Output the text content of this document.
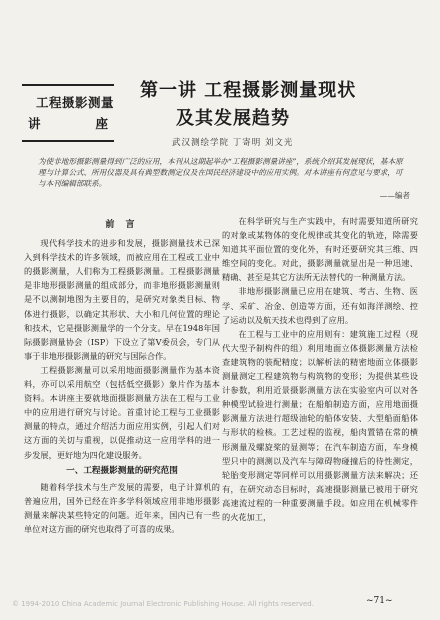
工程摄影测量
讲	座
第一讲 工程摄影测量现状
及其发展趋势
武汉测绘学院 丁寄明 刘文光
为使非地形摄影测量得到广泛的应用，本刊从这期起举办“工程摄影测量讲座”，系统介绍其发展现状，基本原理与计算公式、所用仪器及具有典型数测定仪及在国民经济建设中的应用实例。对本讲座有何意见与要求，可与本刊编辑部联系。
——编者
前 言

现代科学技术的进步和发展，摄影测量技术已深入到科学技术的许多领域，而被应用在工程或工业中的摄影测量，人们称为工程摄影测量。工程摄影测量是非地形摄影测量的组成部分，而非地形摄影测量则是不以测制地图为主要目的，是研究对象类目标、物体进行摄影，以确定其形状、大小和几何位置的理论和技术，它是摄影测量学的一个分支。早在1948年国际摄影测量协会（ISP）下设立了第V委员会，专门从事于非地形摄影测量的研究与国际合作。

工程摄影测量可以采用地面摄影测量作为基本资料，亦可以采用航空（包括低空摄影）象片作为基本资料。本讲座主要就地面摄影测量方法在工程与工业中的应用进行研究与讨论。首重讨论工程与工业摄影测量的特点，通过介绍活力面应用实例，引起人们对这方面的关切与重视，以促推动这一应用学科的进一步发展，更好地为四化建设服务。

一、工程摄影测量的研究范围

随着科学技术与生产发展的需要，电子计算机的普遍应用，国外已经在许多学科领域应用非地形摄影测量来解决某些特定的问题。近年来，国内已有一些单位对这方面的研究也取得了可喜的成果。

在科学研究与生产实践中，有时需要知道所研究的对象或某物体的变化规律或其变化的轨迹，除需要知道其平面位置的变化外，有时还要研究其三维、四维空间的变化。对此，摄影测量就显出是一种迅速、精确、甚至是其它方法所无法替代的一种测量方法。

非地形摄影测量已应用在建筑、考古、生物、医学、采矿、冶金、创造等方面，还有如海洋测绘、控了运动以及航天技术也得到了应用。

在工程与工业中的应用则有：建筑施工过程（现代大型予制构件的组）利用地面立体摄影测量方法检查建筑物的装配精度；以解析法的精密地面立体摄影测量测定工程建筑物与构筑物的变形；为提供某些设计参数，利用近景摄影测量方法在实验室内可以对各种模型试验进行测量；在船舶制造方面，应用地面摄影测量方法进行超级油轮的船体安装、大型船面船体与形状的检核。工艺过程的监视，船肉置错在常的横形测量及螺旋桨的显测等；在汽车制造方面，车身模型只中的测测以及汽车与障碍物碰撞后的待性测定，轮胎变形测定等同样可以用摄影测量方法来解决；还有，在研究动态目标时，高速摄影测量已被用于研究高速流过程的一种重要测量手段。如应用在机械零件的火花加工，

© 1994-2010 China Academic Journal Electronic Publishing House. All rights reserved.	~71~
